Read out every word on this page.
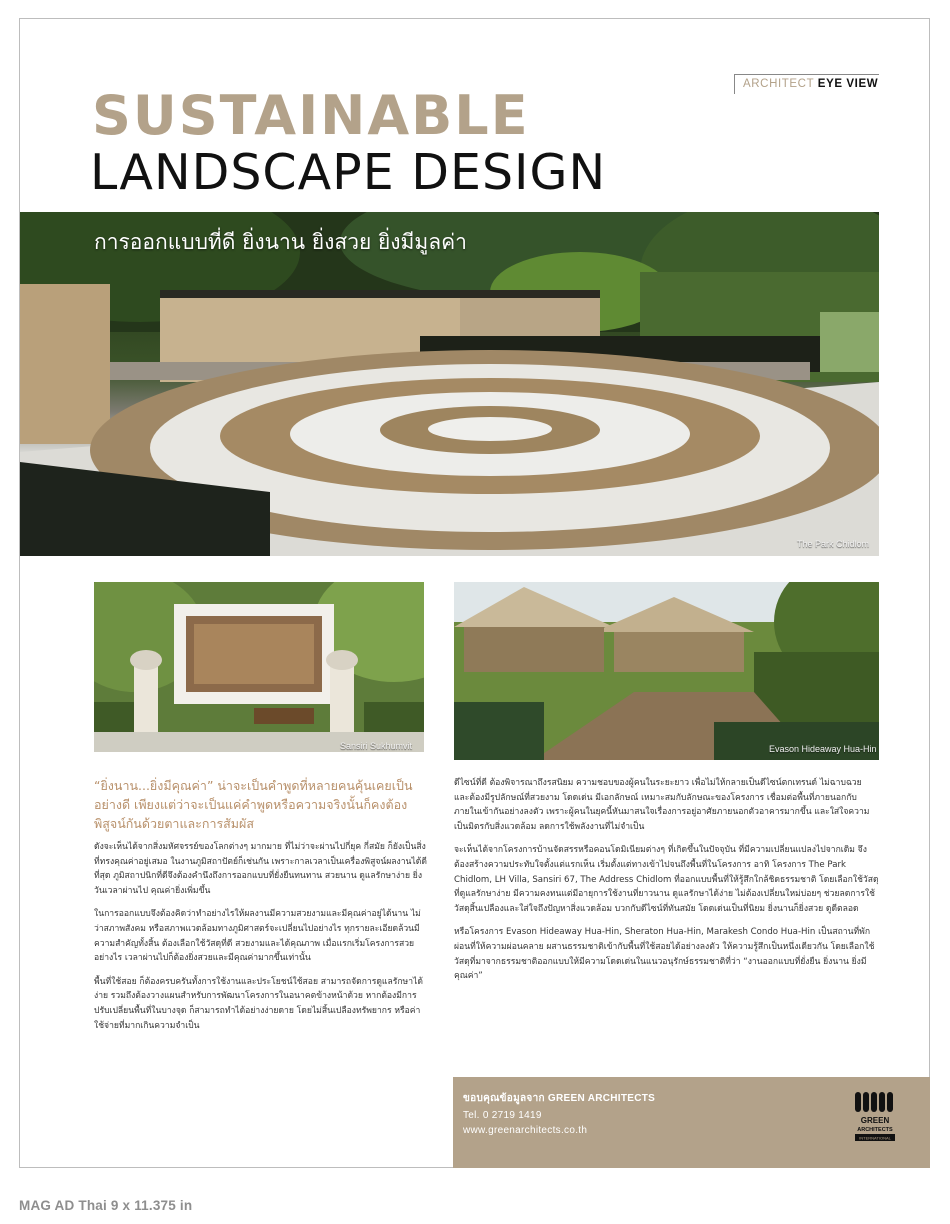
ARCHITECT EYE VIEW
SUSTAINABLE
LANDSCAPE DESIGN
การออกแบบที่ดี ยิ่งนาน ยิ่งสวย ยิ่งมีมูลค่า
The Park Chidlom
Sansiri Sukhumvit	Evason Hideaway Hua-Hin
“ยิ่งนาน...ยิ่งมีคุณค่า” น่าจะเป็นคำพูดที่หลายคนคุ้นเคยเป็นอย่างดี เพียงแต่ว่าจะเป็นแค่คำพูดหรือความจริงนั้นก็คงต้องพิสูจน์กันด้วยตาและการสัมผัส

ดังจะเห็นได้จากสิ่งมหัศจรรย์ของโลกต่างๆ มากมาย ที่ไม่ว่าจะผ่านไปกี่ยุค กี่สมัย ก็ยังเป็นสิ่งที่ทรงคุณค่าอยู่เสมอ ในงานภูมิสถาปัตย์ก็เช่นกัน เพราะกาลเวลาเป็นเครื่องพิสูจน์ผลงานได้ดีที่สุด ภูมิสถาปนิกที่ดีจึงต้องคำนึงถึงการออกแบบที่ยั่งยืนทนทาน สวยนาน ดูแลรักษาง่าย ยิ่งวันเวลาผ่านไป คุณค่ายิ่งเพิ่มขึ้น

ในการออกแบบจึงต้องคิดว่าทำอย่างไรให้ผลงานมีความสวยงามและมีคุณค่าอยู่ได้นาน ไม่ว่าสภาพสังคม หรือสภาพแวดล้อมทางภูมิศาสตร์จะเปลี่ยนไปอย่างไร ทุกรายละเอียดล้วนมีความสำคัญทั้งสิ้น ต้องเลือกใช้วัสดุที่ดี สวยงามและได้คุณภาพ เมื่อแรกเริ่มโครงการสวยอย่างไร เวลาผ่านไปก็ต้องยิ่งสวยและมีคุณค่ามากขึ้นเท่านั้น

พื้นที่ใช้สอย ก็ต้องครบครันทั้งการใช้งานและประโยชน์ใช้สอย สามารถจัดการดูแลรักษาได้ง่าย รวมถึงต้องวางแผนสำหรับการพัฒนาโครงการในอนาคตข้างหน้าด้วย หากต้องมีการปรับเปลี่ยนพื้นที่ในบางจุด ก็สามารถทำได้อย่างง่ายดาย โดยไม่สิ้นเปลืองทรัพยากร หรือค่าใช้จ่ายที่มากเกินความจำเป็น

ดีไซน์ที่ดี ต้องพิจารณาถึงรสนิยม ความชอบของผู้คนในระยะยาว เพื่อไม่ให้กลายเป็นดีไซน์ตกเทรนด์ ไม่ฉาบฉวย และต้องมีรูปลักษณ์ที่สวยงาม โดดเด่น มีเอกลักษณ์ เหมาะสมกับลักษณะของโครงการ เชื่อมต่อพื้นที่ภายนอกกับภายในเข้ากันอย่างลงตัว เพราะผู้คนในยุคนี้หันมาสนใจเรื่องการอยู่อาศัยภายนอกตัวอาคารมากขึ้น และใส่ใจความเป็นมิตรกับสิ่งแวดล้อม ลดการใช้พลังงานที่ไม่จำเป็น

จะเห็นได้จากโครงการบ้านจัดสรรหรือคอนโดมิเนียมต่างๆ ที่เกิดขึ้นในปัจจุบัน ที่มีความเปลี่ยนแปลงไปจากเดิม จึงต้องสร้างความประทับใจตั้งแต่แรกเห็น เริ่มตั้งแต่ทางเข้าไปจนถึงพื้นที่ในโครงการ อาทิ โครงการ The Park Chidlom, LH Villa, Sansiri 67, The Address Chidlom ที่ออกแบบพื้นที่ให้รู้สึกใกล้ชิดธรรมชาติ โดยเลือกใช้วัสดุที่ดูแลรักษาง่าย มีความคงทนแต่มีอายุการใช้งานที่ยาวนาน ดูแลรักษาได้ง่าย ไม่ต้องเปลี่ยนใหม่บ่อยๆ ช่วยลดการใช้วัสดุสิ้นเปลืองและใส่ใจถึงปัญหาสิ่งแวดล้อม บวกกับดีไซน์ที่ทันสมัย โดดเด่นเป็นที่นิยม ยิ่งนานก็ยิ่งสวย ดูดีตลอด

หรือโครงการ Evason Hideaway Hua-Hin, Sheraton Hua-Hin, Marakesh Condo Hua-Hin เป็นสถานที่พักผ่อนที่ให้ความผ่อนคลาย ผสานธรรมชาติเข้ากับพื้นที่ใช้สอยได้อย่างลงตัว ให้ความรู้สึกเป็นหนึ่งเดียวกัน โดยเลือกใช้วัสดุที่มาจากธรรมชาติออกแบบให้มีความโดดเด่นในแนวอนุรักษ์ธรรมชาติที่ว่า “งานออกแบบที่ยั่งยืน ยิ่งนาน ยิ่งมีคุณค่า”

ขอบคุณข้อมูลจาก GREEN ARCHITECTS
Tel. 0 2719 1419
www.greenarchitects.co.th
GREEN
ARCHITECTS
INTERNATIONAL
MAG AD Thai 9 x 11.375 in
